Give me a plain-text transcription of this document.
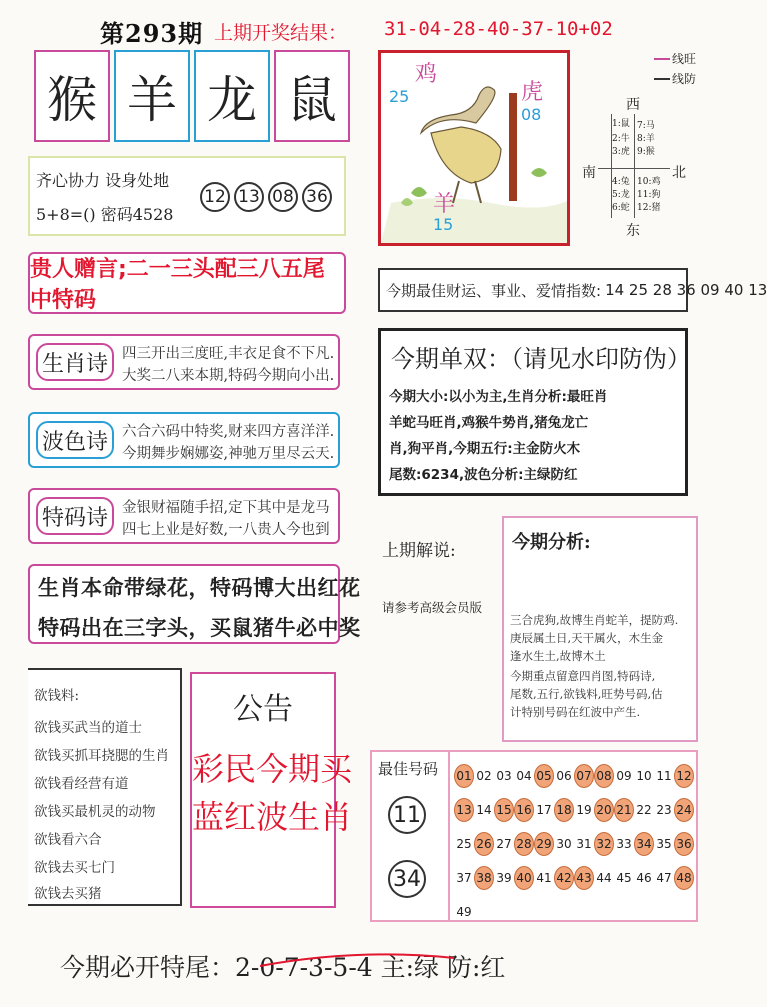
第293期 上期开奖结果： 31-04-28-40-37-10+02
猴 羊 龙 鼠
齐心协力 设身处地
5+8=() 密码4528
12 13 08 36
贵人赠言;二一三头配三八五尾中特码
生肖诗 四三开出三度旺,丰衣足食不下凡.
大奖二八来本期,特码今期向小出.
波色诗 六合六码中特奖,财来四方喜洋洋.
今期舞步娴娜姿,神驰万里尽云天.
特码诗 金银财福随手招,定下其中是龙马
四七上业是好数,一八贵人今也到
生肖本命带绿花，特码博大出红花
特码出在三字头，买鼠猪牛必中奖
欲钱料:
欲钱买武当的道士
欲钱买抓耳挠腮的生肖
欲钱看经营有道
欲钱买最机灵的动物
欲钱看六合
欲钱去买七门
欲钱去买猪
公告
彩民今期买
蓝红波生肖
鸡
25	虎
08
羊
15
线旺
线防
西
南	北
东
1:鼠
2:牛
3:虎
4:兔
5:龙
6:蛇
7:马
8:羊
9:猴
10:鸡
11:狗
12:猪
今期最佳财运、事业、爱情指数: 14 25 28 36 09 40 13
今期单双：（请见水印防伪）
今期大小:以小为主,生肖分析:最旺肖
羊蛇马旺肖,鸡猴牛势肖,猪兔龙亡
肖,狗平肖,今期五行:主金防火木
尾数:6234,波色分析:主绿防红
上期解说:
请参考高级会员版
今期分析:
三合虎狗,故博生肖蛇羊，提防鸡.
庚辰属土日,天干属火，木生金
逢水生土,故博木土
今期重点留意四肖图,特码诗,
尾数,五行,欲钱料,旺势号码,估
计特别号码在红波中产生.
最佳号码
11
34
01 02 03 04 05 06 07 08 09 10 11 12
13 14 15 16 17 18 19 20 21 22 23 24
25 26 27 28 29 30 31 32 33 34 35 36
37 38 39 40 41 42 43 44 45 46 47 48
49
今期必开特尾：2-0-7-3-5-4 主:绿 防:红
